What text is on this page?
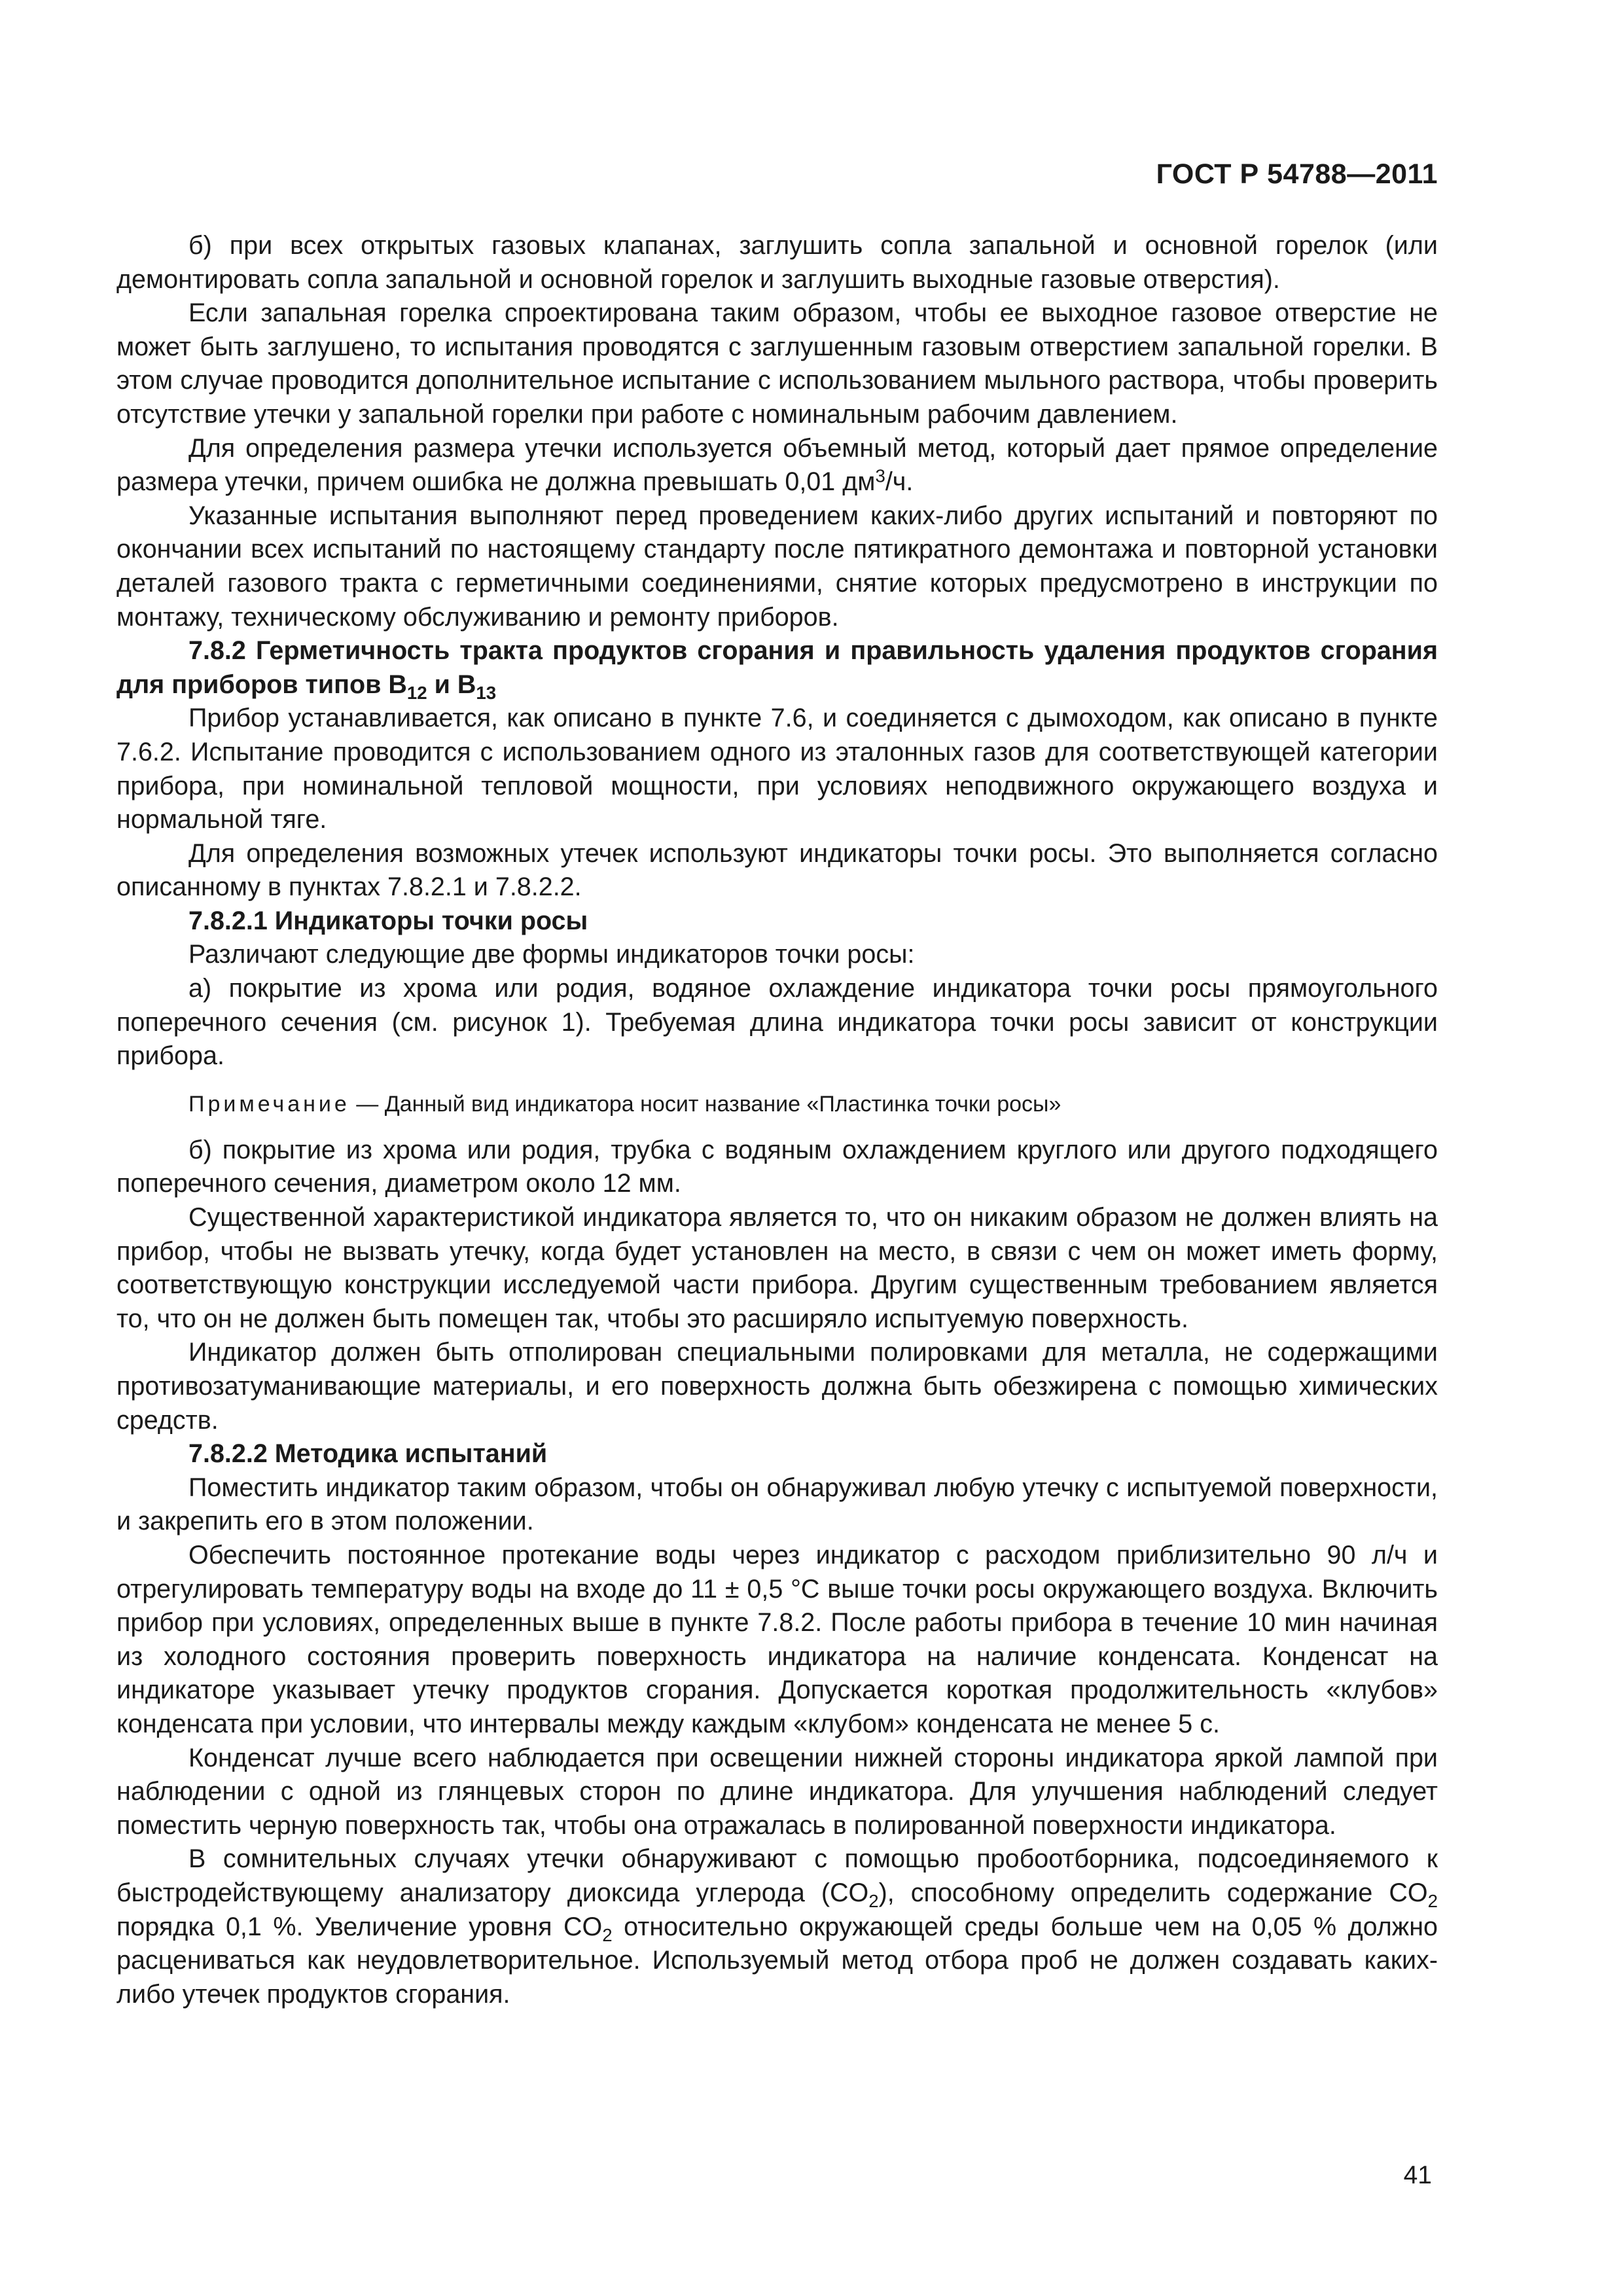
ГОСТ Р 54788—2011

б) при всех открытых газовых клапанах, заглушить сопла запальной и основной горелок (или демонтировать сопла запальной и основной горелок и заглушить выходные газовые отверстия).

Если запальная горелка спроектирована таким образом, чтобы ее выходное газовое отверстие не может быть заглушено, то испытания проводятся с заглушенным газовым отверстием запальной горелки. В этом случае проводится дополнительное испытание с использованием мыльного раствора, чтобы проверить отсутствие утечки у запальной горелки при работе с номинальным рабочим давлением.

Для определения размера утечки используется объемный метод, который дает прямое определение размера утечки, причем ошибка не должна превышать 0,01 $дм^3/ч$.

Указанные испытания выполняют перед проведением каких-либо других испытаний и повторяют по окончании всех испытаний по настоящему стандарту после пятикратного демонтажа и повторной установки деталей газового тракта с герметичными соединениями, снятие которых предусмотрено в инструкции по монтажу, техническому обслуживанию и ремонту приборов.

7.8.2 Герметичность тракта продуктов сгорания и правильность удаления продуктов сгорания для приборов типов $B_{12}$ и $B_{13}$

Прибор устанавливается, как описано в пункте 7.6, и соединяется с дымоходом, как описано в пункте 7.6.2. Испытание проводится с использованием одного из эталонных газов для соответствующей категории прибора, при номинальной тепловой мощности, при условиях неподвижного окружающего воздуха и нормальной тяге.

Для определения возможных утечек используют индикаторы точки росы. Это выполняется согласно описанному в пунктах 7.8.2.1 и 7.8.2.2.

7.8.2.1 Индикаторы точки росы

Различают следующие две формы индикаторов точки росы:

а) покрытие из хрома или родия, водяное охлаждение индикатора точки росы прямоугольного поперечного сечения (см. рисунок 1). Требуемая длина индикатора точки росы зависит от конструкции прибора.

Примечание — Данный вид индикатора носит название «Пластинка точки росы»

б) покрытие из хрома или родия, трубка с водяным охлаждением круглого или другого подходящего поперечного сечения, диаметром около 12 мм.

Существенной характеристикой индикатора является то, что он никаким образом не должен влиять на прибор, чтобы не вызвать утечку, когда будет установлен на место, в связи с чем он может иметь форму, соответствующую конструкции исследуемой части прибора. Другим существенным требованием является то, что он не должен быть помещен так, чтобы это расширяло испытуемую поверхность.

Индикатор должен быть отполирован специальными полировками для металла, не содержащими противозатуманивающие материалы, и его поверхность должна быть обезжирена с помощью химических средств.

7.8.2.2 Методика испытаний

Поместить индикатор таким образом, чтобы он обнаруживал любую утечку с испытуемой поверхности, и закрепить его в этом положении.

Обеспечить постоянное протекание воды через индикатор с расходом приблизительно 90 л/ч и отрегулировать температуру воды на входе до 11 ± 0,5 °С выше точки росы окружающего воздуха. Включить прибор при условиях, определенных выше в пункте 7.8.2. После работы прибора в течение 10 мин начиная из холодного состояния проверить поверхность индикатора на наличие конденсата. Конденсат на индикаторе указывает утечку продуктов сгорания. Допускается короткая продолжительность «клубов» конденсата при условии, что интервалы между каждым «клубом» конденсата не менее 5 с.

Конденсат лучше всего наблюдается при освещении нижней стороны индикатора яркой лампой при наблюдении с одной из глянцевых сторон по длине индикатора. Для улучшения наблюдений следует поместить черную поверхность так, чтобы она отражалась в полированной поверхности индикатора.

В сомнительных случаях утечки обнаруживают с помощью пробоотборника, подсоединяемого к быстродействующему анализатору диоксида углерода $(CO_2)$, способному определить содержание $CO_2$ порядка 0,1 %. Увеличение уровня $CO_2$ относительно окружающей среды больше чем на 0,05 % должно расцениваться как неудовлетворительное. Используемый метод отбора проб не должен создавать каких-либо утечек продуктов сгорания.

41
